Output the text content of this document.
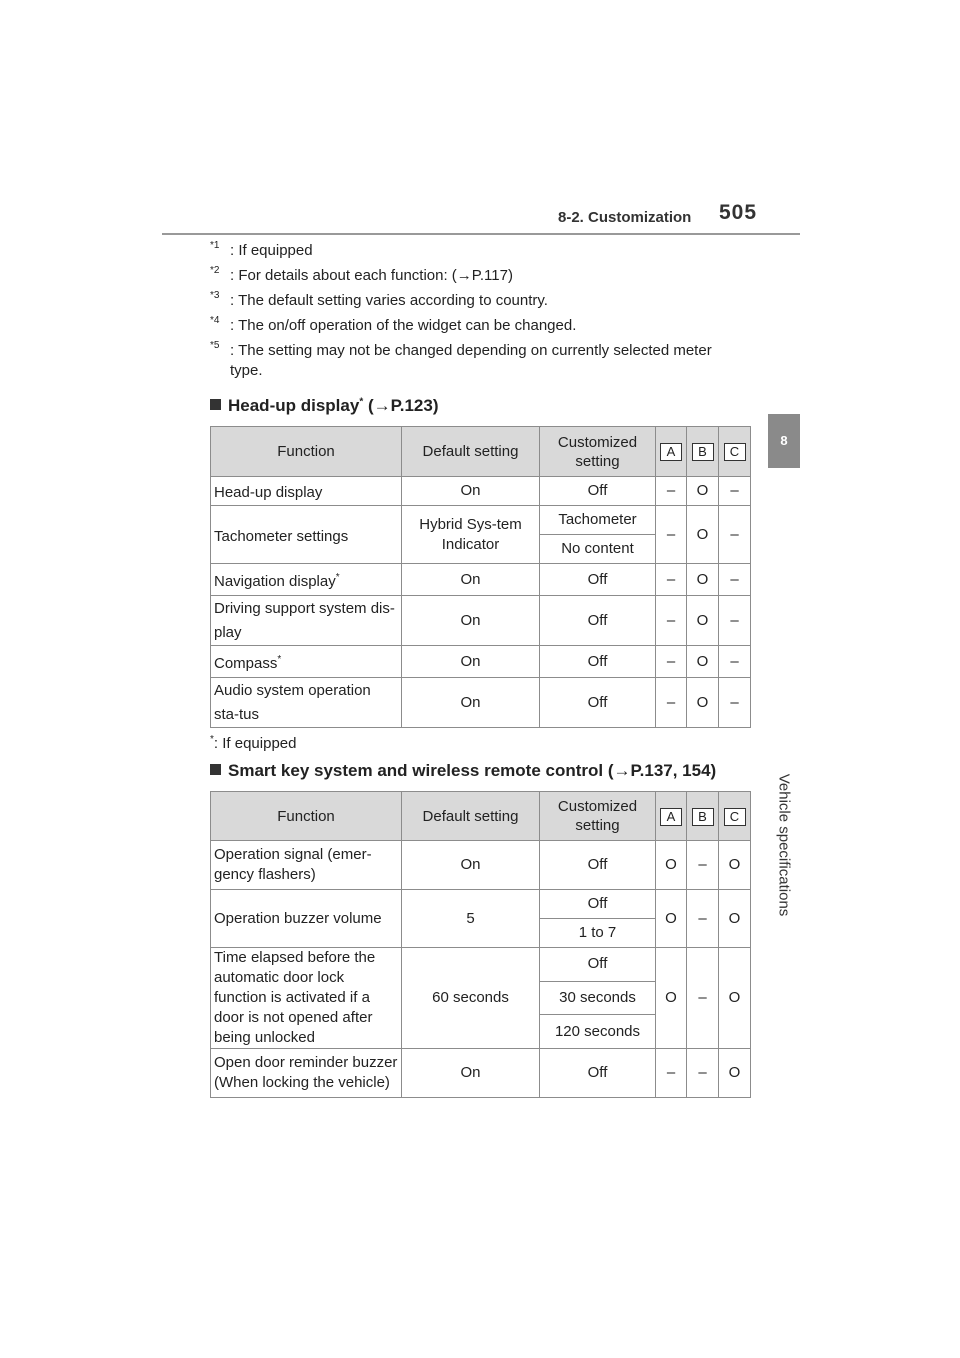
8-2. Customization 505
8
Vehicle specifications
*1 : If equipped
*2 : For details about each function: (→P.117)
*3 : The default setting varies according to country.
*4 : The on/off operation of the widget can be changed.
*5 : The setting may not be changed depending on currently selected meter
type.
Head-up display* (→P.123)
Function	Default setting	Customized setting	A	B	C
Head-up display	On	Off	–	O	–
Tachometer settings	Hybrid Sys-tem Indicator	Tachometer	–	O	–
		No content			
Navigation display*	On	Off	–	O	–
Driving support system dis-play	On	Off	–	O	–
Compass*	On	Off	–	O	–
Audio system operation sta-tus	On	Off	–	O	–
*: If equipped
Smart key system and wireless remote control (→P.137, 154)
Function	Default setting	Customized setting	A	B	C
Operation signal (emer-gency flashers)	On	Off	O	–	O
Operation buzzer volume	5	Off	O	–	O
		1 to 7			
Time elapsed before the automatic door lock function is activated if a door is not opened after being unlocked	60 seconds	Off	O	–	O
		30 seconds			
		120 seconds			
Open door reminder buzzer (When locking the vehicle)	On	Off	–	–	O
